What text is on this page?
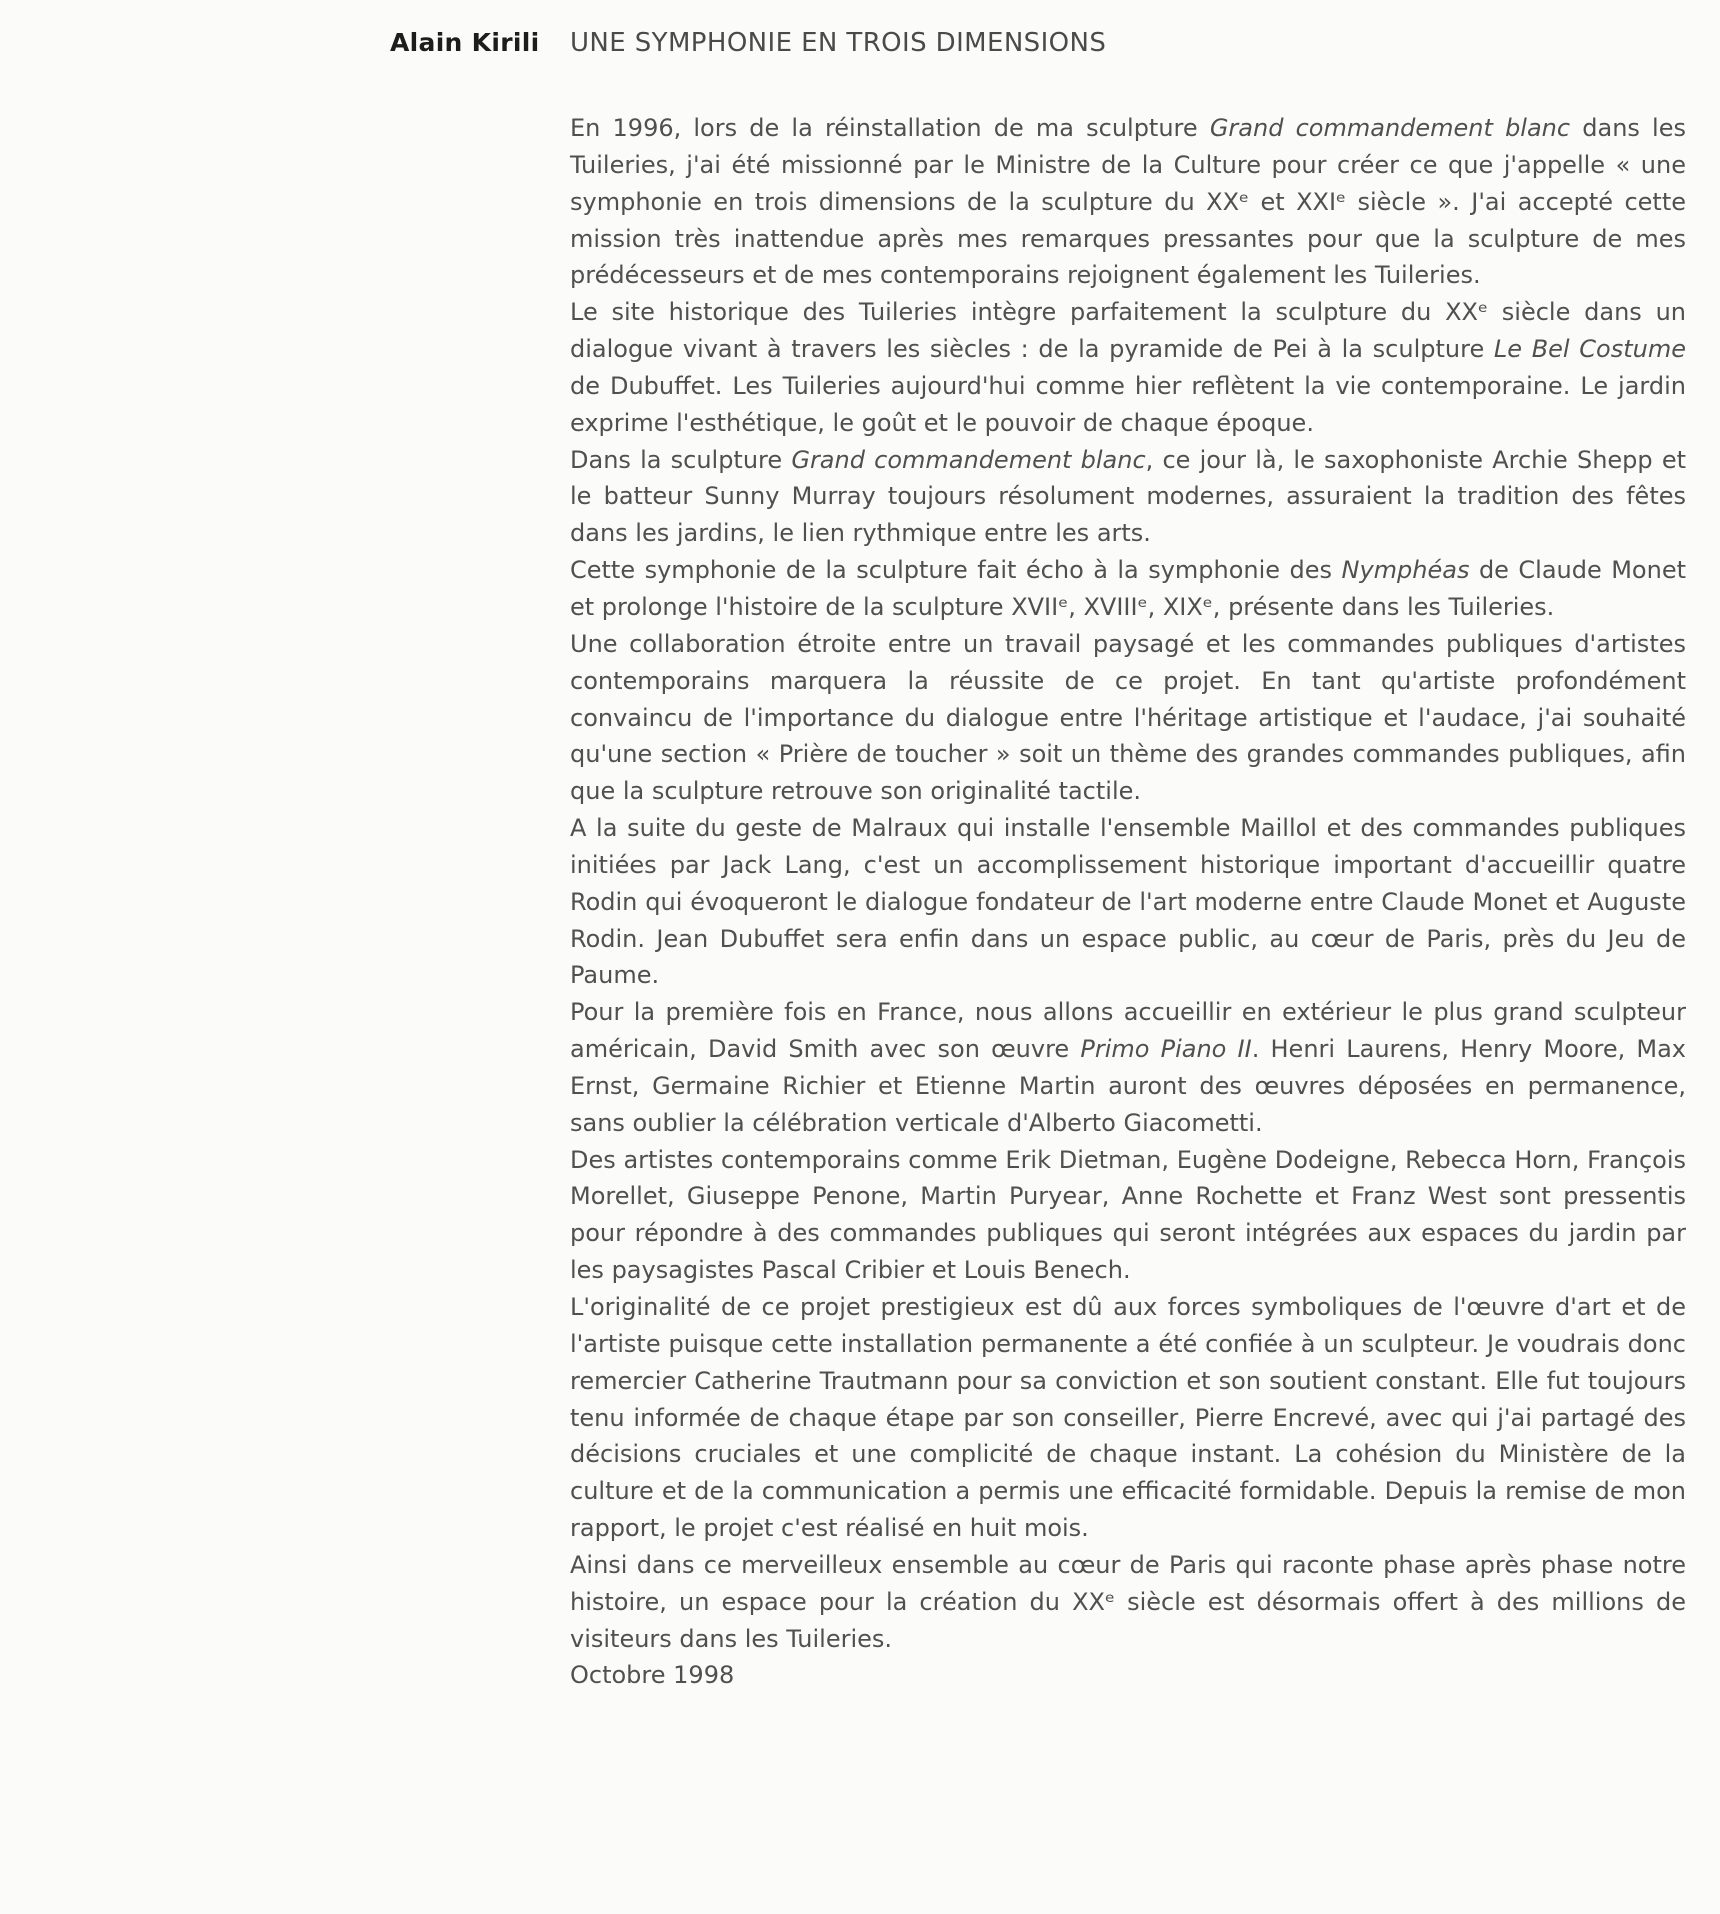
Alain Kirili UNE SYMPHONIE EN TROIS DIMENSIONS

En 1996, lors de la réinstallation de ma sculpture Grand commandement blanc dans les Tuileries, j'ai été missionné par le Ministre de la Culture pour créer ce que j'appelle « une symphonie en trois dimensions de la sculpture du XXᵉ et XXIᵉ siècle ». J'ai accepté cette mission très inattendue après mes remarques pressantes pour que la sculpture de mes prédécesseurs et de mes contemporains rejoignent également les Tuileries.

Le site historique des Tuileries intègre parfaitement la sculpture du XXᵉ siècle dans un dialogue vivant à travers les siècles : de la pyramide de Pei à la sculpture Le Bel Costume de Dubuffet. Les Tuileries aujourd'hui comme hier reflètent la vie contemporaine. Le jardin exprime l'esthétique, le goût et le pouvoir de chaque époque.

Dans la sculpture Grand commandement blanc, ce jour là, le saxophoniste Archie Shepp et le batteur Sunny Murray toujours résolument modernes, assuraient la tradition des fêtes dans les jardins, le lien rythmique entre les arts.

Cette symphonie de la sculpture fait écho à la symphonie des Nymphéas de Claude Monet et prolonge l'histoire de la sculpture XVIIᵉ, XVIIIᵉ, XIXᵉ, présente dans les Tuileries.

Une collaboration étroite entre un travail paysagé et les commandes publiques d'artistes contemporains marquera la réussite de ce projet. En tant qu'artiste profondément convaincu de l'importance du dialogue entre l'héritage artistique et l'audace, j'ai souhaité qu'une section « Prière de toucher » soit un thème des grandes commandes publiques, afin que la sculpture retrouve son originalité tactile.

A la suite du geste de Malraux qui installe l'ensemble Maillol et des commandes publiques initiées par Jack Lang, c'est un accomplissement historique important d'accueillir quatre Rodin qui évoqueront le dialogue fondateur de l'art moderne entre Claude Monet et Auguste Rodin. Jean Dubuffet sera enfin dans un espace public, au cœur de Paris, près du Jeu de Paume.

Pour la première fois en France, nous allons accueillir en extérieur le plus grand sculpteur américain, David Smith avec son œuvre Primo Piano II. Henri Laurens, Henry Moore, Max Ernst, Germaine Richier et Etienne Martin auront des œuvres déposées en permanence, sans oublier la célébration verticale d'Alberto Giacometti.

Des artistes contemporains comme Erik Dietman, Eugène Dodeigne, Rebecca Horn, François Morellet, Giuseppe Penone, Martin Puryear, Anne Rochette et Franz West sont pressentis pour répondre à des commandes publiques qui seront intégrées aux espaces du jardin par les paysagistes Pascal Cribier et Louis Benech.

L'originalité de ce projet prestigieux est dû aux forces symboliques de l'œuvre d'art et de l'artiste puisque cette installation permanente a été confiée à un sculpteur. Je voudrais donc remercier Catherine Trautmann pour sa conviction et son soutient constant. Elle fut toujours tenu informée de chaque étape par son conseiller, Pierre Encrevé, avec qui j'ai partagé des décisions cruciales et une complicité de chaque instant. La cohésion du Ministère de la culture et de la communication a permis une efficacité formidable. Depuis la remise de mon rapport, le projet c'est réalisé en huit mois.

Ainsi dans ce merveilleux ensemble au cœur de Paris qui raconte phase après phase notre histoire, un espace pour la création du XXᵉ siècle est désormais offert à des millions de visiteurs dans les Tuileries.

Octobre 1998
